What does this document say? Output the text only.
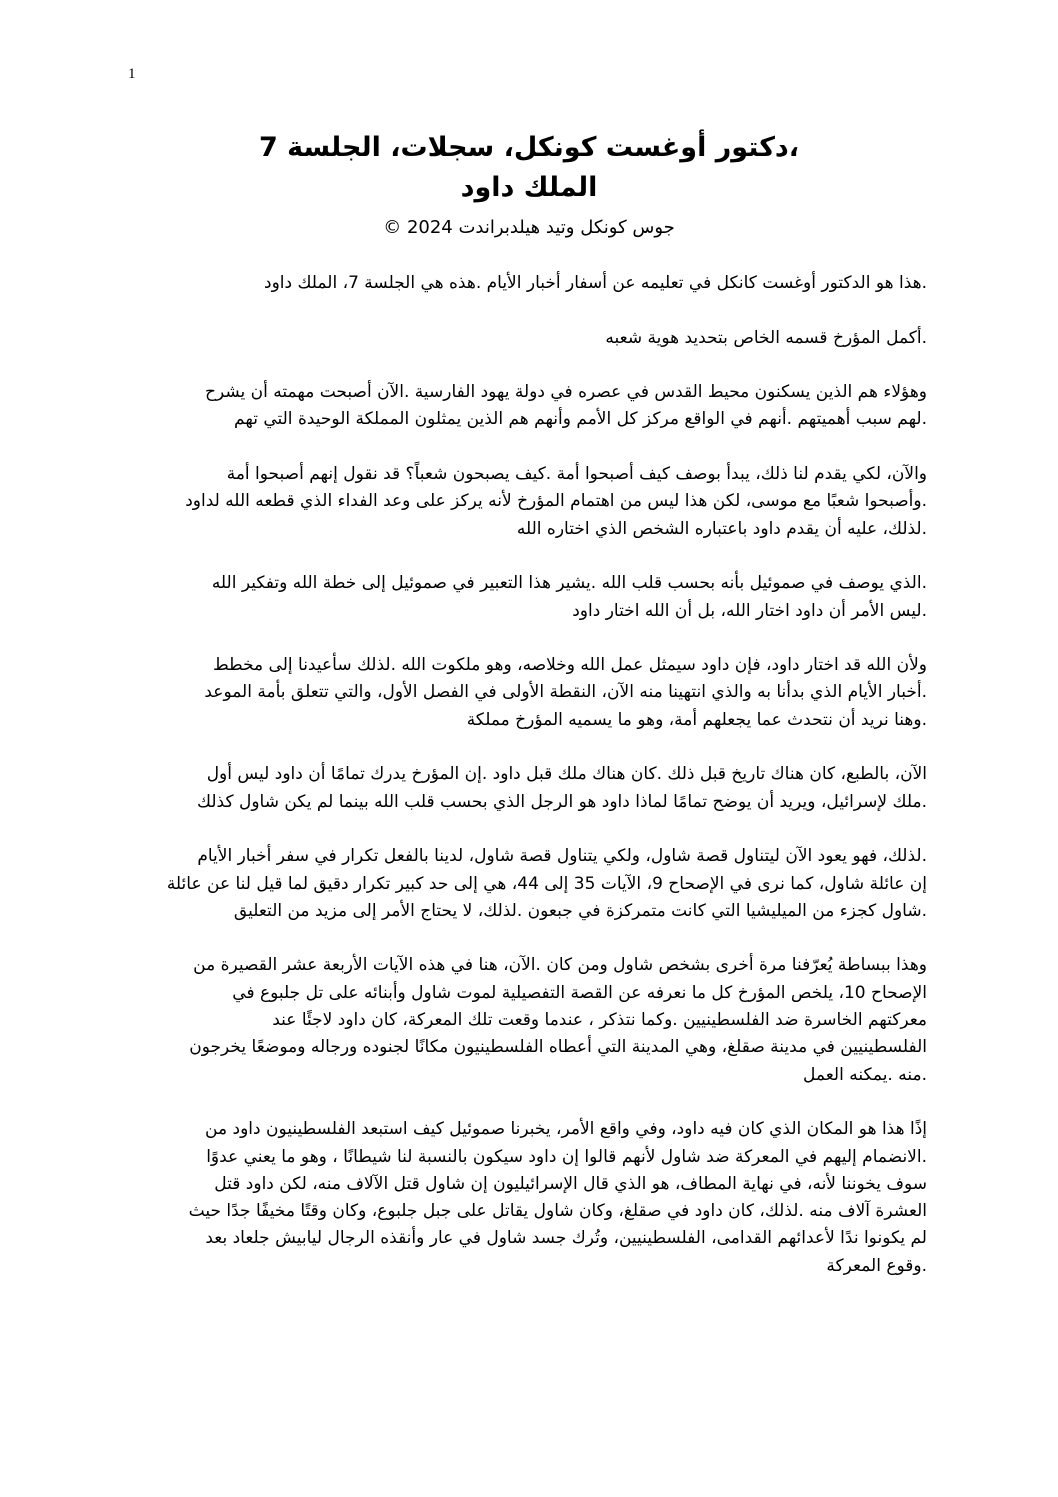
1
،دكتور أوغست كونكل، سجلات، الجلسة 7
الملك داود
جوس كونكل وتيد هيلدبراندت 2024 ©

.هذا هو الدكتور أوغست كانكل في تعليمه عن أسفار أخبار الأيام .هذه هي الجلسة 7، الملك داود

.أكمل المؤرخ قسمه الخاص بتحديد هوية شعبه

وهؤلاء هم الذين يسكنون محيط القدس في عصره في دولة يهود الفارسية .الآن أصبحت مهمته أن يشرح
.لهم سبب أهميتهم .أنهم في الواقع مركز كل الأمم وأنهم هم الذين يمثلون المملكة الوحيدة التي تهم

والآن، لكي يقدم لنا ذلك، يبدأ بوصف كيف أصبحوا أمة .كيف يصبحون شعباً؟ قد نقول إنهم أصبحوا أمة
.وأصبحوا شعبًا مع موسى، لكن هذا ليس من اهتمام المؤرخ لأنه يركز على وعد الفداء الذي قطعه الله لداود
.لذلك، عليه أن يقدم داود باعتباره الشخص الذي اختاره الله

.الذي يوصف في صموئيل بأنه بحسب قلب الله .يشير هذا التعبير في صموئيل إلى خطة الله وتفكير الله
.ليس الأمر أن داود اختار الله، بل أن الله اختار داود

ولأن الله قد اختار داود، فإن داود سيمثل عمل الله وخلاصه، وهو ملكوت الله .لذلك سأعيدنا إلى مخطط
.أخبار الأيام الذي بدأنا به والذي انتهينا منه الآن، النقطة الأولى في الفصل الأول، والتي تتعلق بأمة الموعد
.وهنا نريد أن نتحدث عما يجعلهم أمة، وهو ما يسميه المؤرخ مملكة

الآن، بالطبع، كان هناك تاريخ قبل ذلك .كان هناك ملك قبل داود .إن المؤرخ يدرك تمامًا أن داود ليس أول
.ملك لإسرائيل، ويريد أن يوضح تمامًا لماذا داود هو الرجل الذي بحسب قلب الله بينما لم يكن شاول كذلك

.لذلك، فهو يعود الآن ليتناول قصة شاول، ولكي يتناول قصة شاول، لدينا بالفعل تكرار في سفر أخبار الأيام
إن عائلة شاول، كما نرى في الإصحاح 9، الآيات 35 إلى 44، هي إلى حد كبير تكرار دقيق لما قيل لنا عن عائلة
.شاول كجزء من الميليشيا التي كانت متمركزة في جبعون .لذلك، لا يحتاج الأمر إلى مزيد من التعليق

وهذا ببساطة يُعرّفنا مرة أخرى بشخص شاول ومن كان .الآن، هنا في هذه الآيات الأربعة عشر القصيرة من
الإصحاح 10، يلخص المؤرخ كل ما نعرفه عن القصة التفصيلية لموت شاول وأبنائه على تل جلبوع في
معركتهم الخاسرة ضد الفلسطينيين .وكما نتذكر ، عندما وقعت تلك المعركة، كان داود لاجئًا عند
الفلسطينيين في مدينة صقلغ، وهي المدينة التي أعطاه الفلسطينيون مكانًا لجنوده ورجاله وموضعًا يخرجون
.منه .يمكنه العمل

إذًا هذا هو المكان الذي كان فيه داود، وفي واقع الأمر، يخبرنا صموئيل كيف استبعد الفلسطينيون داود من
.الانضمام إليهم في المعركة ضد شاول لأنهم قالوا إن داود سيكون بالنسبة لنا شيطانًا ، وهو ما يعني عدوًا
سوف يخوننا لأنه، في نهاية المطاف، هو الذي قال الإسرائيليون إن شاول قتل الآلاف منه، لكن داود قتل
العشرة آلاف منه .لذلك، كان داود في صقلغ، وكان شاول يقاتل على جبل جلبوع، وكان وقتًا مخيفًا جدًا حيث
لم يكونوا ندًا لأعدائهم القدامى، الفلسطينيين، وتُرك جسد شاول في عار وأنقذه الرجال ليابيش جلعاد بعد
.وقوع المعركة
